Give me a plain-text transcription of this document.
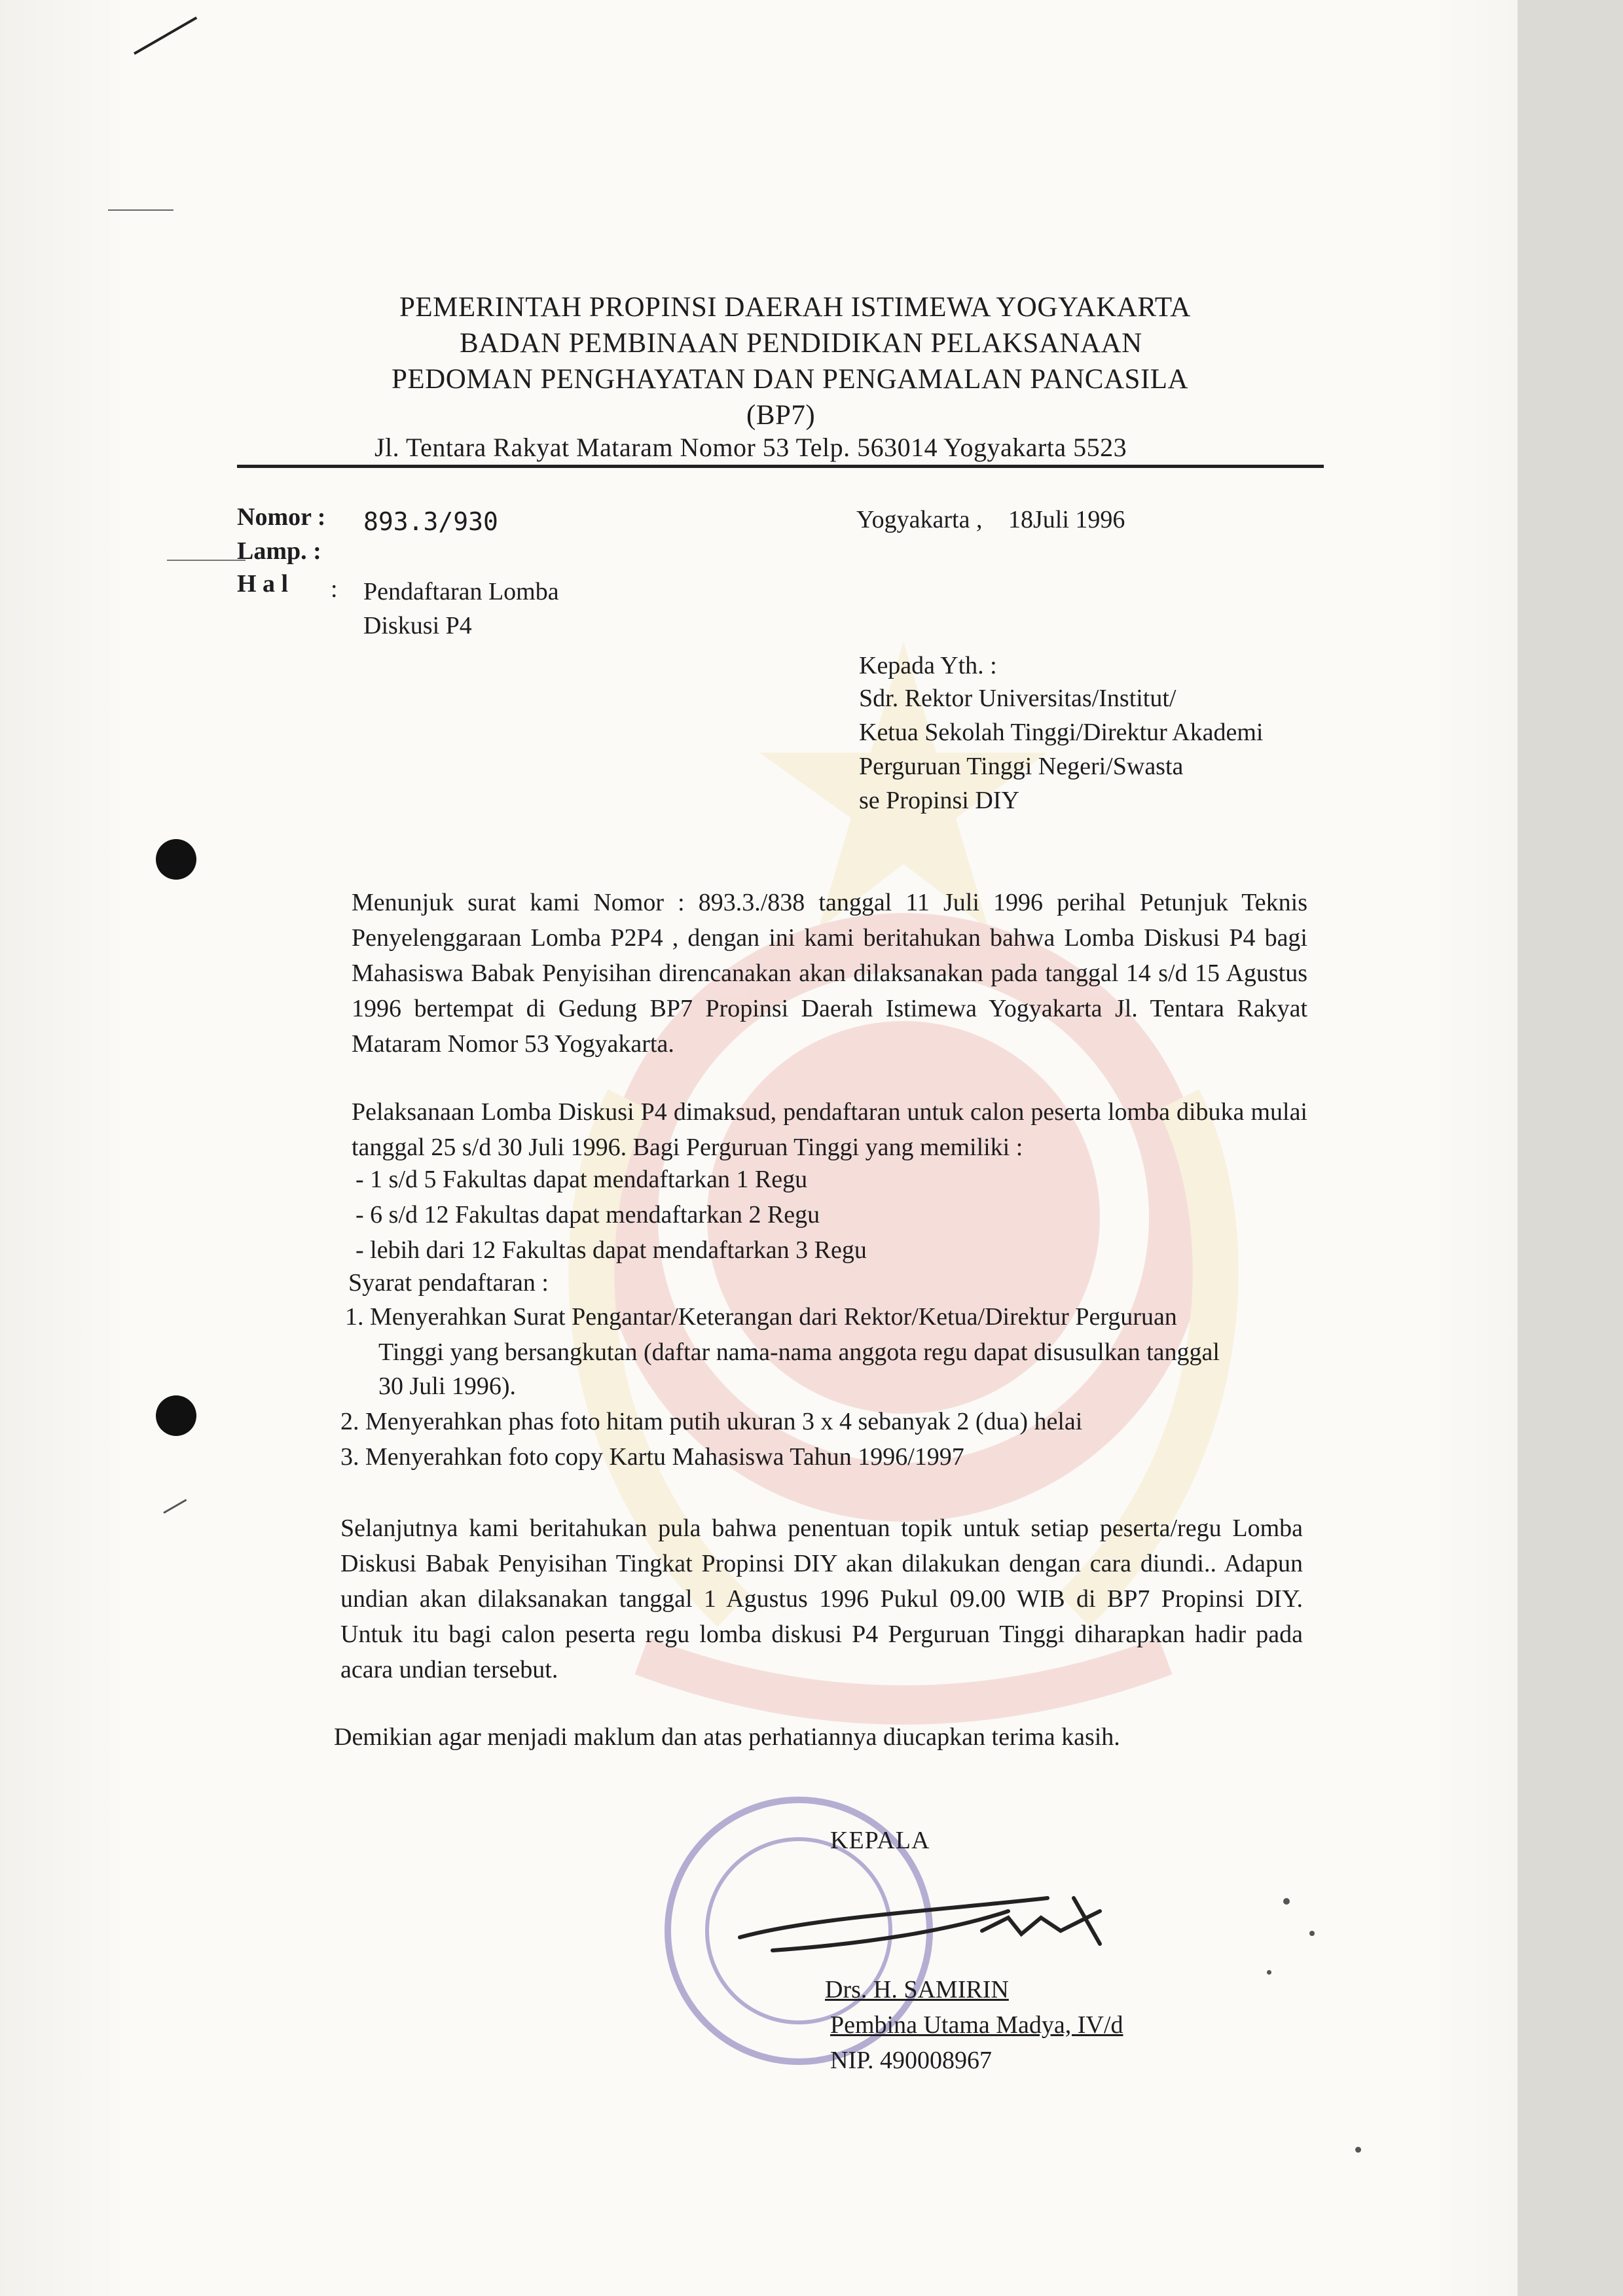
PEMERINTAH PROPINSI DAERAH ISTIMEWA YOGYAKARTA
BADAN PEMBINAAN PENDIDIKAN PELAKSANAAN
PEDOMAN PENGHAYATAN DAN PENGAMALAN PANCASILA
(BP7)
Jl. Tentara Rakyat Mataram Nomor 53 Telp. 563014 Yogyakarta 5523
Nomor : 893.3/930
Lamp. :
H a l : Pendaftaran Lomba
Diskusi P4
Yogyakarta , 18Juli 1996
Kepada Yth. :
Sdr. Rektor Universitas/Institut/
Ketua Sekolah Tinggi/Direktur Akademi
Perguruan Tinggi Negeri/Swasta
se Propinsi DIY
Menunjuk surat kami Nomor : 893.3./838 tanggal 11 Juli 1996 perihal Petunjuk Teknis Penyelenggaraan Lomba P2P4 , dengan ini kami beritahukan bahwa Lomba Diskusi P4 bagi Mahasiswa Babak Penyisihan direncanakan akan dilaksanakan pada tanggal 14 s/d 15 Agustus 1996 bertempat di Gedung BP7 Propinsi Daerah Istimewa Yogyakarta Jl. Tentara Rakyat Mataram Nomor 53 Yogyakarta.
Pelaksanaan Lomba Diskusi P4 dimaksud, pendaftaran untuk calon peserta lomba dibuka mulai tanggal 25 s/d 30 Juli 1996. Bagi Perguruan Tinggi yang memiliki :
- 1 s/d 5 Fakultas dapat mendaftarkan 1 Regu
- 6 s/d 12 Fakultas dapat mendaftarkan 2 Regu
- lebih dari 12 Fakultas dapat mendaftarkan 3 Regu
Syarat pendaftaran :
1. Menyerahkan Surat Pengantar/Keterangan dari Rektor/Ketua/Direktur Perguruan
Tinggi yang bersangkutan (daftar nama-nama anggota regu dapat disusulkan tanggal
30 Juli 1996).
2. Menyerahkan phas foto hitam putih ukuran 3 x 4 sebanyak 2 (dua) helai
3. Menyerahkan foto copy Kartu Mahasiswa Tahun 1996/1997
Selanjutnya kami beritahukan pula bahwa penentuan topik untuk setiap peserta/regu Lomba Diskusi Babak Penyisihan Tingkat Propinsi DIY akan dilakukan dengan cara diundi.. Adapun undian akan dilaksanakan tanggal 1 Agustus 1996 Pukul 09.00 WIB di BP7 Propinsi DIY. Untuk itu bagi calon peserta regu lomba diskusi P4 Perguruan Tinggi diharapkan hadir pada acara undian tersebut.
Demikian agar menjadi maklum dan atas perhatiannya diucapkan terima kasih.
KEPALA
Drs. H. SAMIRIN
Pembina Utama Madya, IV/d
NIP. 490008967
